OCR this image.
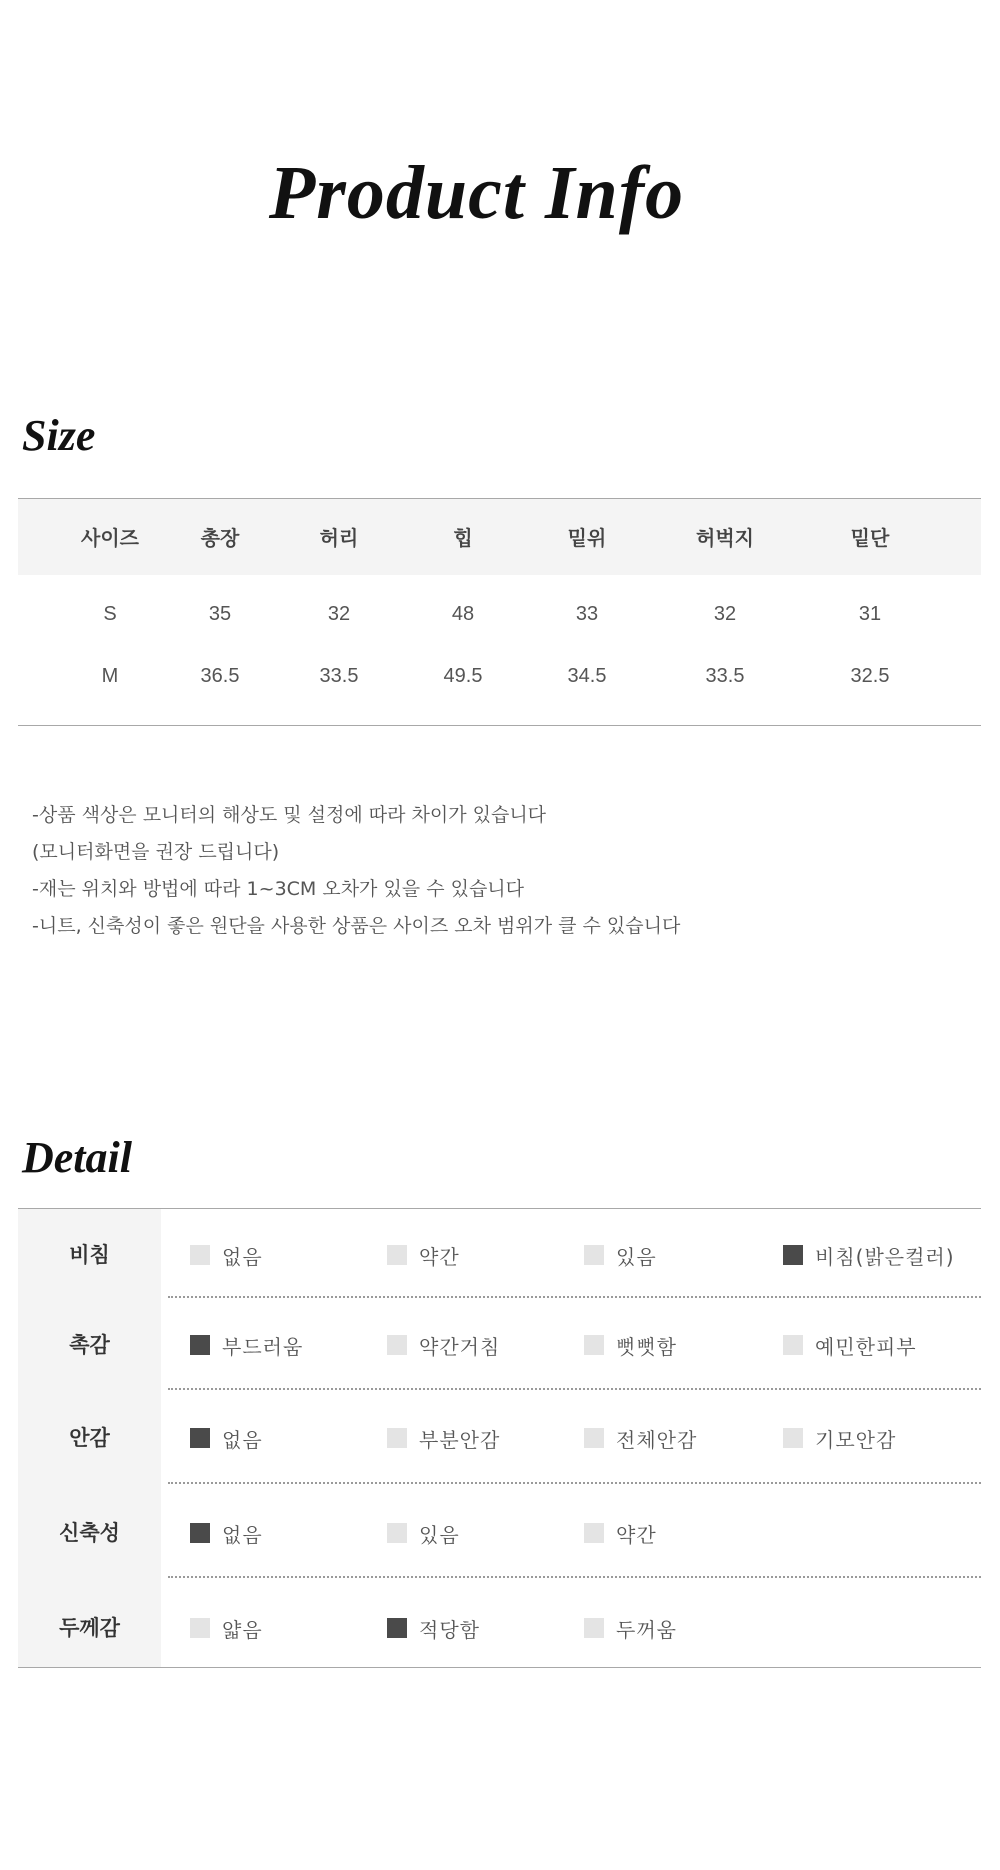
Product Info
Size
사이즈	총장	허리	힙	밑위	허벅지	밑단
S	35	32	48	33	32	31
M	36.5	33.5	49.5	34.5	33.5	32.5
-상품 색상은 모니터의 해상도 및 설정에 따라 차이가 있습니다
(모니터화면을 권장 드립니다)
-재는 위치와 방법에 따라 1~3CM 오차가 있을 수 있습니다
-니트, 신축성이 좋은 원단을 사용한 상품은 사이즈 오차 범위가 클 수 있습니다
Detail
비침	없음	약간	있음	비침(밝은컬러)
촉감	부드러움	약간거침	뻣뻣함	예민한피부
안감	없음	부분안감	전체안감	기모안감
신축성	없음	있음	약간
두께감	얇음	적당함	두꺼움
